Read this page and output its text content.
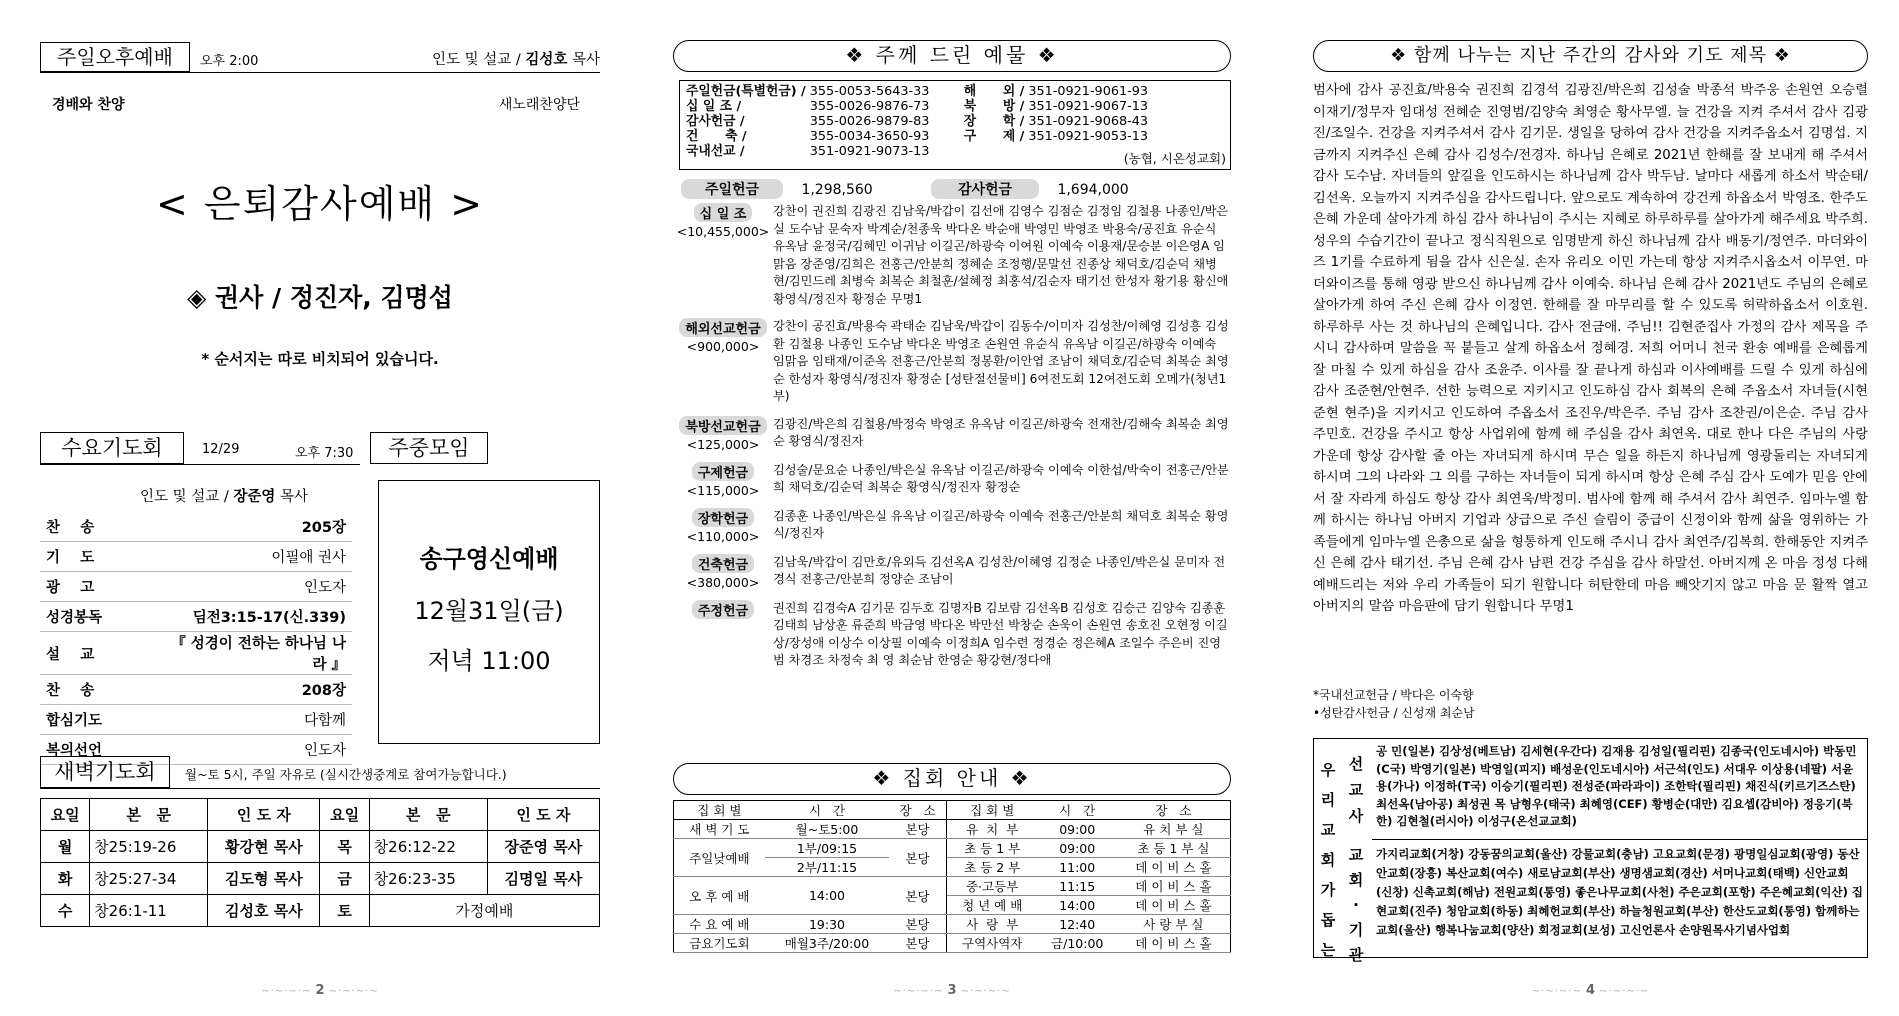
주일오후예배	오후 2:00	인도 및 설교 / 김성호 목사
경배와 찬양	새노래찬양단
< 은퇴감사예배 >
◈ 권사 / 정진자, 김명섭
* 순서지는 따로 비치되어 있습니다.
수요기도회	12/29	오후 7:30
인도 및 설교 / 장준영 목사
찬    송	205장
기    도	이필애 권사
광    고	인도자
성경봉독	딤전3:15-17(신.339)
설    교	『 성경이 전하는 하나님 나라 』
찬    송	208장
합심기도	다함께
복의선언	인도자
주중모임
송구영신예배
12월31일(금)
저녁 11:00
새벽기도회	월~토 5시, 주일 자유로 (실시간생중계로 참여가능합니다.)
요일	본   문	인 도 자	요일	본   문	인 도 자
월	창25:19-26	황강현 목사	목	창26:12-22	장준영 목사
화	창25:27-34	김도형 목사	금	창26:23-35	김명일 목사
수	창26:1-11	김성호 목사	토	가정예배	
~·~·~·~ 2 ~·~·~·~
❖ 주께 드린 예물 ❖
주일헌금(특별헌금) /	355-0053-5643-33	해      외 /	351-0921-9061-93
십 일 조 /	355-0026-9876-73	북      방 /	351-0921-9067-13
감사헌금 /	355-0026-9879-83	장      학 /	351-0921-9068-43
건      축 /	355-0034-3650-93	구      제 /	351-0921-9053-13
국내선교 /	351-0921-9073-13			(농협, 시온성교회)
주일헌금	1,298,560	감사헌금	1,694,000
십 일 조
<10,455,000>
강찬이 권진희 김광진 김남욱/박갑이 김선애 김영수 김점순 김정임 김철용 나종인/박은실 도수남 문숙자 박계순/천종욱 박다온 박순애 박영민 박영조 박용숙/공진효 유순식 유옥남 윤정국/김혜민 이귀남 이길곤/하광숙 이여원 이예숙 이용재/문승분 이은영A 임맑음 장준영/김희은 전홍근/안분희 정혜순 조정행/문말선 진종상 채덕호/김순덕 채병현/김민드레 최병숙 최복순 최철훈/설혜정 최홍석/김순자 태기선 한성자 황기용 황신애 황영식/정진자 황정순 무명1
해외선교헌금
<900,000>
강찬이 공진효/박용숙 곽태순 김남욱/박갑이 김동수/이미자 김성찬/이혜영 김성흥 김성환 김철용 나종인 도수남 박다온 박영조 손원연 유순식 유옥남 이길곤/하광숙 이예숙 임맑음 임태재/이준옥 전홍근/안분희 정봉환/이안엽 조남이 채덕호/김순덕 최복순 최영순 한성자 황영식/정진자 황정순 [성탄절선물비] 6여전도회 12여전도회 오메가(청년1부)
북방선교헌금
<125,000>
김광진/박은희 김철용/박정숙 박영조 유옥남 이길곤/하광숙 전재찬/김해숙 최복순 최영순 황영식/정진자
구제헌금
<115,000>
김성술/문요순 나종인/박은실 유옥남 이길곤/하광숙 이예숙 이한섭/박숙이 전홍근/안분희 채덕호/김순덕 최복순 황영식/정진자 황정순
장학헌금
<110,000>
김종훈 나종인/박은실 유옥남 이길곤/하광숙 이예숙 전홍근/안분희 채덕호 최복순 황영식/정진자
건축헌금
<380,000>
김남욱/박갑이 김만호/유외득 김선옥A 김성찬/이혜영 김정순 나종인/박은실 문미자 전경식 전홍근/안분희 정양순 조남이
주정헌금	권진희 김경숙A 김기문 김두호 김명자B 김보람 김선옥B 김성호 김승근 김양숙 김종훈 김태희 남상훈 류준희 박금영 박다온 박만선 박창순 손욱이 손원연 송호진 오현정 이길상/장성애 이상수 이상필 이예숙 이정희A 임수련 정경순 정은혜A 조일수 주은비 진영범 차경조 차정숙 최 영 최순남 한영순 황강현/정다애
❖ 집회 안내 ❖
집 회 별	시   간	장   소	집 회 별	시   간	장   소
새 벽 기 도	월~토5:00	본당	유  치  부	09:00	유 치 부 실
주일낮예배	1부/09:15	본당	초 등 1 부	09:00	초 등 1 부 실
	2부/11:15		초 등 2 부	11:00	데 이 비 스 홀
오 후 예 배	14:00	본당	중·고등부	11:15	데 이 비 스 홀
			청 년 예 배	14:00	데 이 비 스 홀
수 요 예 배	19:30	본당	사  랑  부	12:40	사 랑 부 실
금요기도회	매월3주/20:00	본당	구역사역자	금/10:00	데 이 비 스 홀
~·~·~·~ 3 ~·~·~·~
❖ 함께 나누는 지난 주간의 감사와 기도 제목 ❖
범사에 감사 공진효/박용숙 권진희 김경석 김광진/박은희 김성술 박종석 박주웅 손원연 오승렬 이재기/정무자 임대성 전혜순 진영범/김양숙 최영순 황사무엘. 늘 건강을 지켜 주셔서 감사 김광진/조일수. 건강을 지켜주셔서 감사 김기문. 생일을 당하여 감사 건강을 지켜주옵소서 김명섭. 지금까지 지켜주신 은혜 감사 김성수/전경자. 하나님 은혜로 2021년 한해를 잘 보내게 해 주셔서 감사 도수남. 자녀들의 앞길을 인도하시는 하나님께 감사 박두남. 날마다 새롭게 하소서 박순태/김선옥. 오늘까지 지켜주심을 감사드립니다. 앞으로도 계속하여 강건케 하옵소서 박영조. 한주도 은혜 가운데 살아가게 하심 감사 하나님이 주시는 지혜로 하루하루를 살아가게 해주세요 박주희. 성우의 수습기간이 끝나고 정식직원으로 임명받게 하신 하나님께 감사 배동기/정연주. 마더와이즈 1기를 수료하게 됨을 감사 신은실. 손자 유리오 이민 가는데 항상 지켜주시옵소서 이무연. 마더와이즈를 통해 영광 받으신 하나님께 감사 이예숙. 하나님 은혜 감사 2021년도 주님의 은혜로 살아가게 하여 주신 은혜 감사 이정연. 한해를 잘 마무리를 할 수 있도록 허락하옵소서 이호원. 하루하루 사는 것 하나님의 은혜입니다. 감사 전금애. 주님!! 김현준집사 가정의 감사 제목을 주시니 감사하며 말씀을 꼭 붙들고 살게 하옵소서 정혜경. 저희 어머니 천국 환송 예배를 은혜롭게 잘 마칠 수 있게 하심을 감사 조윤주. 이사를 잘 끝나게 하심과 이사예배를 드릴 수 있게 하심에 감사 조준현/안현주. 선한 능력으로 지키시고 인도하심 감사 회복의 은혜 주옵소서 자녀들(시현 준현 현주)을 지키시고 인도하여 주옵소서 조진우/박은주. 주님 감사 조찬권/이은순. 주님 감사 주민호. 건강을 주시고 항상 사업위에 함께 해 주심을 감사 최연옥. 대로 한나 다은 주님의 사랑 가운데 항상 감사할 줄 아는 자녀되게 하시며 무슨 일을 하든지 하나님께 영광돌리는 자녀되게 하시며 그의 나라와 그 의를 구하는 자녀들이 되게 하시며 항상 은혜 주심 감사 도예가 믿음 안에서 잘 자라게 하심도 항상 감사 최연욱/박정미. 범사에 함께 해 주셔서 감사 최연주. 임마누엘 함께 하시는 하나님 아버지 기업과 상급으로 주신 슬림이 중급이 신정이와 함께 삶을 영위하는 가족들에게 임마누엘 은총으로 삶을 형통하게 인도해 주시니 감사 최연주/김복희. 한해동안 지켜주신 은혜 감사 태기선. 주님 은혜 감사 남편 건강 주심을 감사 하말선. 아버지께 온 마음 정성 다해 예배드리는 저와 우리 가족들이 되기 원합니다 허탄한데 마음 빼앗기지 않고 마음 문 활짝 열고 아버지의 말씀 마음판에 담기 원합니다 무명1
*국내선교헌금 / 박다은 이숙향
•성탄감사헌금 / 신성재 최순남
우리교회가 돕는
선교사
공 민(일본) 김상성(베트남) 김세현(우간다) 김재용 김성일(필리핀) 김종국(인도네시아) 박동민(C국) 박영기(일본) 박영일(피지) 배성운(인도네시아) 서근석(인도) 서대우 이상용(네팔) 서윤용(가나) 이정하(T국) 이승기(필리핀) 전성준(파라과이) 조한탁(필리핀) 채진식(키르기즈스탄) 최선옥(남아공) 최성권 목 남형우(태국) 최혜영(CEF) 황병순(대만) 김요셉(감비아) 정응기(북한) 김현철(러시아) 이성구(온선교교회)
교회·기관
가지리교회(거창) 강동꿈의교회(울산) 강물교회(충남) 고요교회(문경) 광명일심교회(광영) 동산안교회(장흥) 복산교회(여수) 새로남교회(부산) 생명샘교회(경산) 서머나교회(태백) 신안교회(신창) 신촉교회(해남) 전원교회(통영) 좋은나무교회(사천) 주은교회(포항) 주은혜교회(익산) 집현교회(진주) 청암교회(하동) 최혜헌교회(부산) 하늘청원교회(부산) 한산도교회(통영) 함께하는교회(울산) 행복나눔교회(양산) 회정교회(보성) 고신언론사 손양원목사기념사업회
~·~·~·~ 4 ~·~·~·~
